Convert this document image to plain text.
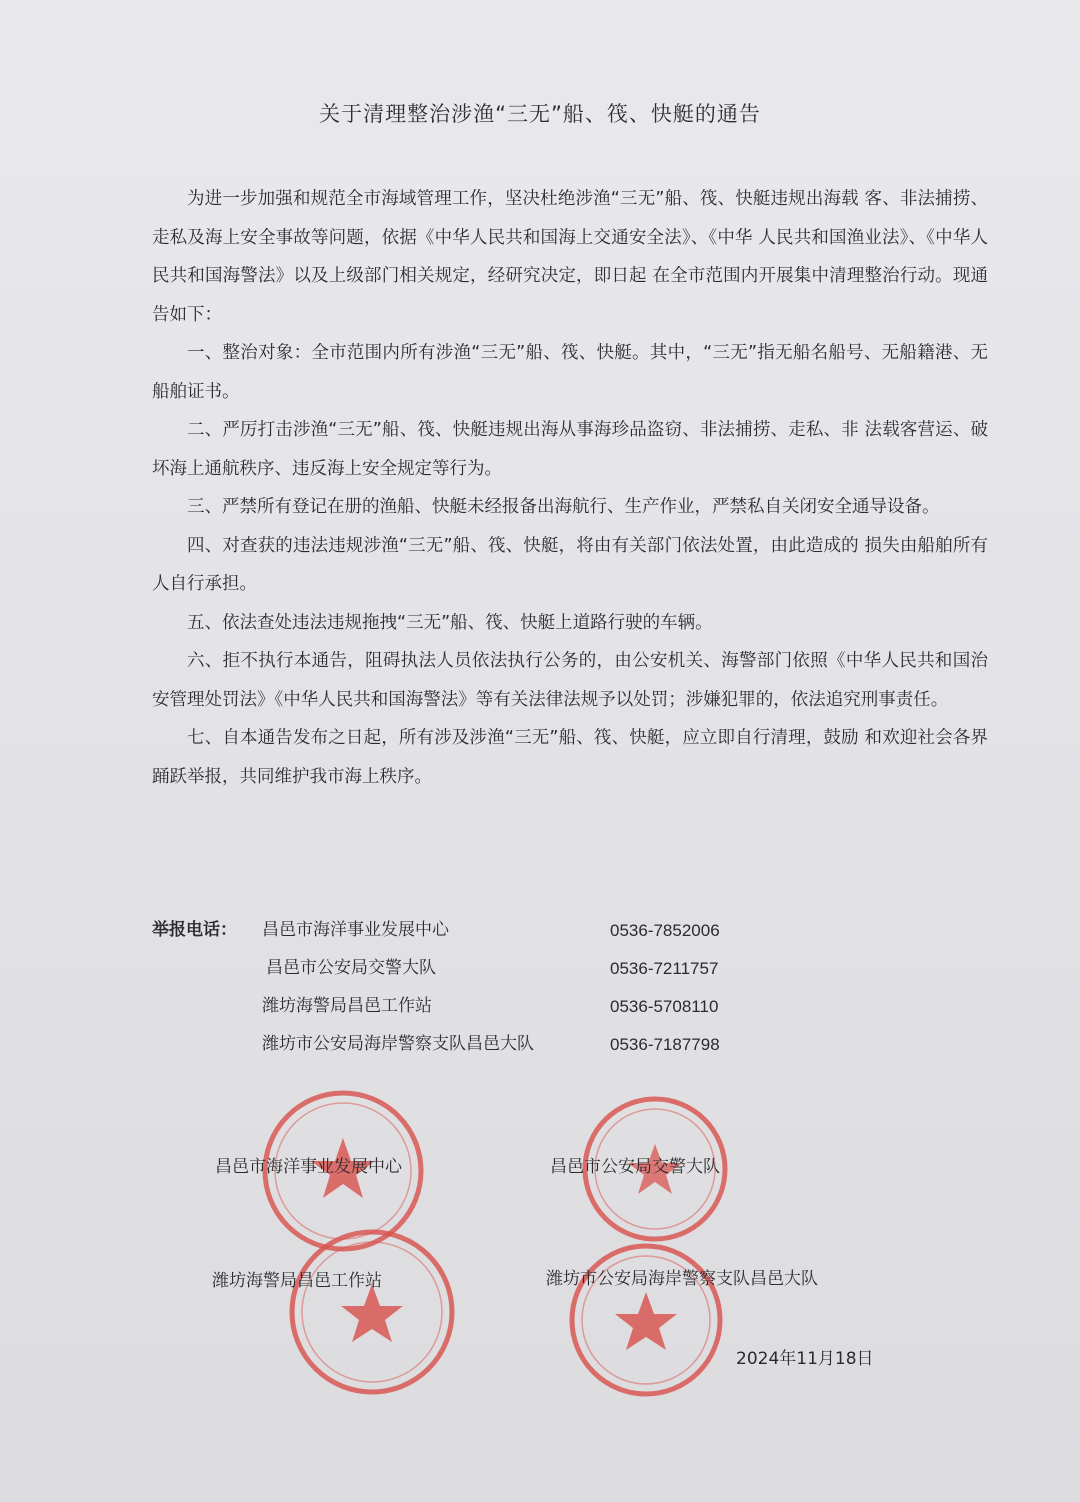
关于清理整治涉渔“三无”船、筏、快艇的通告

为进一步加强和规范全市海域管理工作，坚决杜绝涉渔“三无”船、筏、快艇违规出海载 客、非法捕捞、走私及海上安全事故等问题，依据《中华人民共和国海上交通安全法》、《中华 人民共和国渔业法》、《中华人民共和国海警法》以及上级部门相关规定，经研究决定，即日起 在全市范围内开展集中清理整治行动。现通告如下：

一、整治对象：全市范围内所有涉渔“三无”船、筏、快艇。其中，“三无”指无船名船号、无船籍港、无船舶证书。

二、严厉打击涉渔“三无”船、筏、快艇违规出海从事海珍品盗窃、非法捕捞、走私、非 法载客营运、破坏海上通航秩序、违反海上安全规定等行为。

三、严禁所有登记在册的渔船、快艇未经报备出海航行、生产作业，严禁私自关闭安全通导设备。

四、对查获的违法违规涉渔“三无”船、筏、快艇，将由有关部门依法处置，由此造成的 损失由船舶所有人自行承担。

五、依法查处违法违规拖拽“三无”船、筏、快艇上道路行驶的车辆。

六、拒不执行本通告，阻碍执法人员依法执行公务的，由公安机关、海警部门依照《中华人民共和国治安管理处罚法》《中华人民共和国海警法》等有关法律法规予以处罚；涉嫌犯罪的，依法追究刑事责任。

七、自本通告发布之日起，所有涉及涉渔“三无”船、筏、快艇，应立即自行清理，鼓励 和欢迎社会各界踊跃举报，共同维护我市海上秩序。

举报电话： 昌邑市海洋事业发展中心	0536-7852006
昌邑市公安局交警大队	0536-7211757
潍坊海警局昌邑工作站	0536-5708110
潍坊市公安局海岸警察支队昌邑大队	0536-7187798
昌邑市海洋事业发展中心	昌邑市公安局交警大队
潍坊海警局昌邑工作站	潍坊市公安局海岸警察支队昌邑大队
2024年11月18日
